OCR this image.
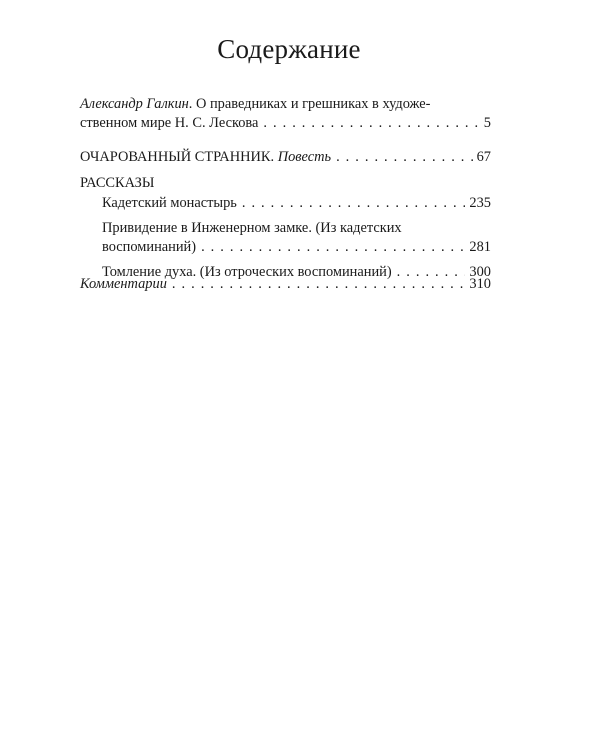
Содержание
Александр Галкин. О праведниках и грешниках в художе-
ственном мире Н. С. Лескова . . .	5
ОЧАРОВАННЫЙ СТРАННИК. Повесть . . .	67
РАССКАЗЫ
Кадетский монастырь . . .	235
Привидение в Инженерном замке. (Из кадетских
воспоминаний) . . .	281
Томление духа. (Из отроческих воспоминаний) . . .	300
Комментарии . . .	310
